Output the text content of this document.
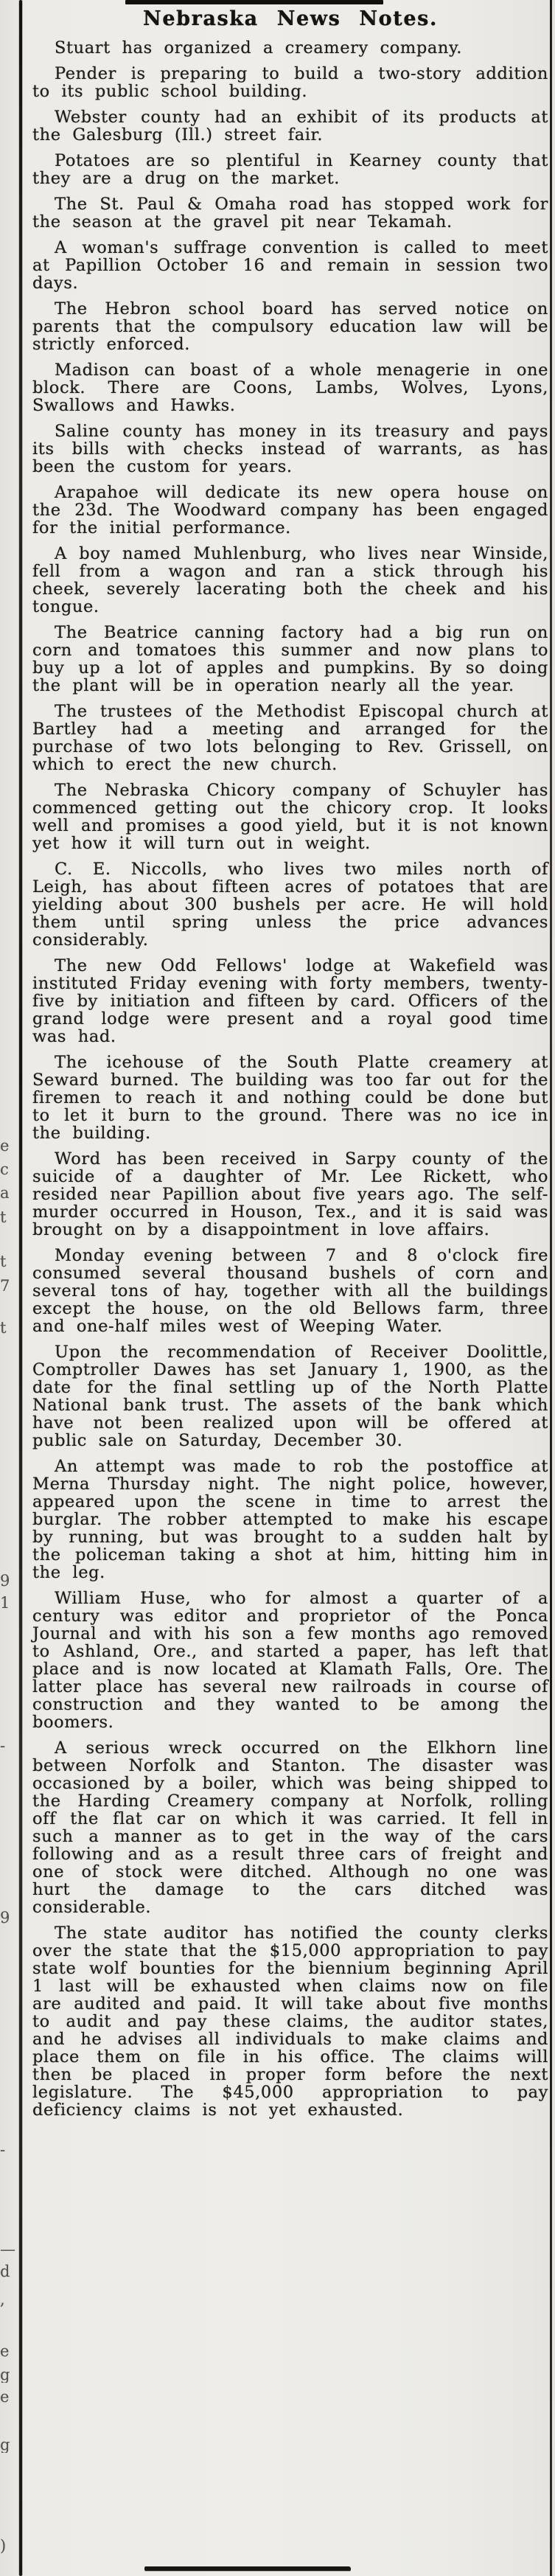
e
c
a
t
t
7
t
9
1
-
9
-
—
d
,
e
g
e
g
)
Nebraska News Notes.

Stuart has organized a creamery company.

Pender is preparing to build a two-story addition to its public school building.

Webster county had an exhibit of its products at the Galesburg (Ill.) street fair.

Potatoes are so plentiful in Kearney county that they are a drug on the market.

The St. Paul & Omaha road has stopped work for the season at the gravel pit near Tekamah.

A woman's suffrage convention is called to meet at Papillion October 16 and remain in session two days.

The Hebron school board has served notice on parents that the compulsory education law will be strictly enforced.

Madison can boast of a whole menagerie in one block. There are Coons, Lambs, Wolves, Lyons, Swallows and Hawks.

Saline county has money in its treasury and pays its bills with checks instead of warrants, as has been the custom for years.

Arapahoe will dedicate its new opera house on the 23d. The Woodward company has been engaged for the initial performance.

A boy named Muhlenburg, who lives near Winside, fell from a wagon and ran a stick through his cheek, severely lacerating both the cheek and his tongue.

The Beatrice canning factory had a big run on corn and tomatoes this summer and now plans to buy up a lot of apples and pumpkins. By so doing the plant will be in operation nearly all the year.

The trustees of the Methodist Episcopal church at Bartley had a meeting and arranged for the purchase of two lots belonging to Rev. Grissell, on which to erect the new church.

The Nebraska Chicory company of Schuyler has commenced getting out the chicory crop. It looks well and promises a good yield, but it is not known yet how it will turn out in weight.

C. E. Niccolls, who lives two miles north of Leigh, has about fifteen acres of potatoes that are yielding about 300 bushels per acre. He will hold them until spring unless the price advances considerably.

The new Odd Fellows' lodge at Wakefield was instituted Friday evening with forty members, twenty-five by initiation and fifteen by card. Officers of the grand lodge were present and a royal good time was had.

The icehouse of the South Platte creamery at Seward burned. The building was too far out for the firemen to reach it and nothing could be done but to let it burn to the ground. There was no ice in the building.

Word has been received in Sarpy county of the suicide of a daughter of Mr. Lee Rickett, who resided near Papillion about five years ago. The self-murder occurred in Houson, Tex., and it is said was brought on by a disappointment in love affairs.

Monday evening between 7 and 8 o'clock fire consumed several thousand bushels of corn and several tons of hay, together with all the buildings except the house, on the old Bellows farm, three and one-half miles west of Weeping Water.

Upon the recommendation of Receiver Doolittle, Comptroller Dawes has set January 1, 1900, as the date for the final settling up of the North Platte National bank trust. The assets of the bank which have not been realized upon will be offered at public sale on Saturday, December 30.

An attempt was made to rob the postoffice at Merna Thursday night. The night police, however, appeared upon the scene in time to arrest the burglar. The robber attempted to make his escape by running, but was brought to a sudden halt by the policeman taking a shot at him, hitting him in the leg.

William Huse, who for almost a quarter of a century was editor and proprietor of the Ponca Journal and with his son a few months ago removed to Ashland, Ore., and started a paper, has left that place and is now located at Klamath Falls, Ore. The latter place has several new railroads in course of construction and they wanted to be among the boomers.

A serious wreck occurred on the Elkhorn line between Norfolk and Stanton. The disaster was occasioned by a boiler, which was being shipped to the Harding Creamery company at Norfolk, rolling off the flat car on which it was carried. It fell in such a manner as to get in the way of the cars following and as a result three cars of freight and one of stock were ditched. Although no one was hurt the damage to the cars ditched was considerable.

The state auditor has notified the county clerks over the state that the $15,000 appropriation to pay state wolf bounties for the biennium beginning April 1 last will be exhausted when claims now on file are audited and paid. It will take about five months to audit and pay these claims, the auditor states, and he advises all individuals to make claims and place them on file in his office. The claims will then be placed in proper form before the next legislature. The $45,000 appropriation to pay deficiency claims is not yet exhausted.
